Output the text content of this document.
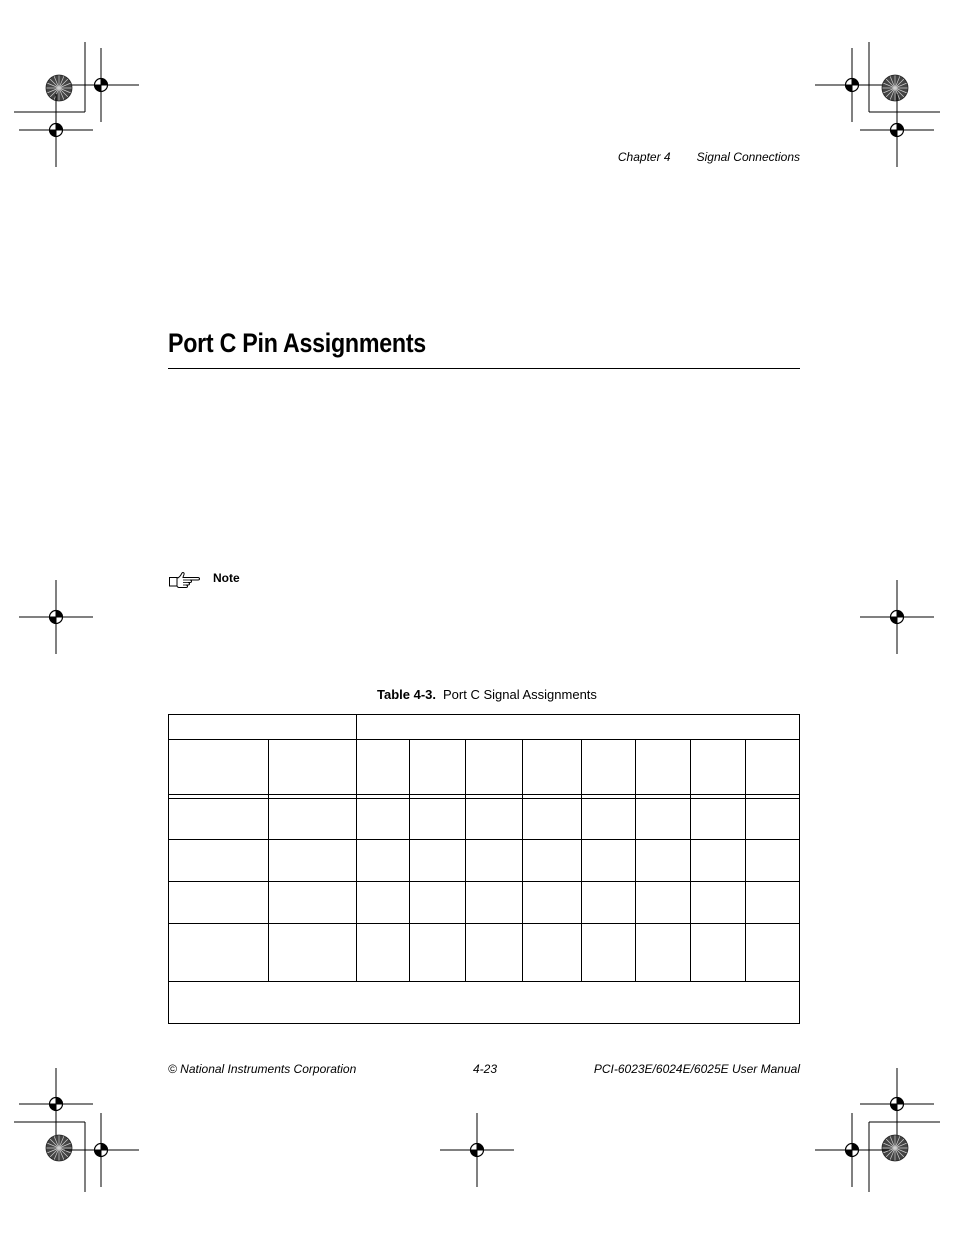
Chapter 4 Signal Connections
Port C Pin Assignments
Note
Table 4-3. Port C Signal Assignments
© National Instruments Corporation	4-23	PCI-6023E/6024E/6025E User Manual
